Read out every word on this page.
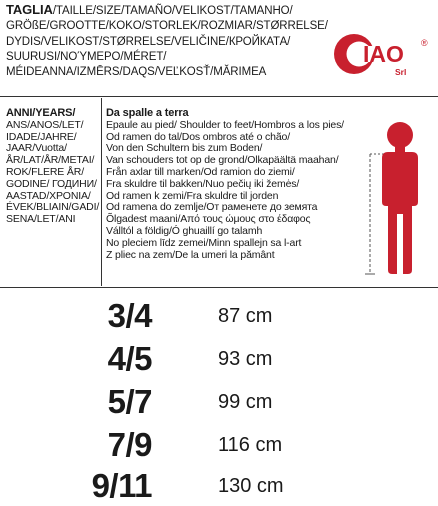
TAGLIA/TAILLE/SIZE/TAMAÑO/VELIKOST/TAMANHO/
GRÖßE/GROOTTE/KOKO/STORLEK/ROZMIAR/STØRRELSE/
DYDIS/VELIKOST/STØRRELSE/VELIČINE/КРОЙКАТА/
SUURUSI/ΝΟΎΜΕΡΟ/MÉRET/
MÉIDEANNA/IZMĒRS/DAQS/VEĽKOSŤ/MĂRIMEA
IAO
Srl
®
ANNI/YEARS/
ANS/ANOS/LET/
IDADE/JAHRE/
JAAR/Vuotta/
ÅR/LAT/ÅR/METAI/
ROK/FLERE ÅR/
GODINE/ ГОДИНИ/
AASTAD/XPONIA/
ÉVEK/BLIAIN/GADI/
SENA/LET/ANI
Da spalle a terra
Epaule au pied/ Shoulder to feet/Hombros a los pies/
Od ramen do tal/Dos ombros até o chão/
Von den Schultern bis zum Boden/
Van schouders tot op de grond/Olkapäältä maahan/
Från axlar till marken/Od ramion do ziemi/
Fra skuldre til bakken/Nuo pečių iki žemės/
Od ramen k zemi/Fra skuldre til jorden
Od ramena do zemlje/От раменете до земята
Õlgadest maani/Από τους ώμους στο έδαφος
Válltól a földig/Ó ghuaillí go talamh
No pleciem līdz zemei/Minn spallejn sa l-art
Z pliec na zem/De la umeri la pământ
3/4	87 cm
4/5	93 cm
5/7	99 cm
7/9	116 cm
9/11	130 cm
